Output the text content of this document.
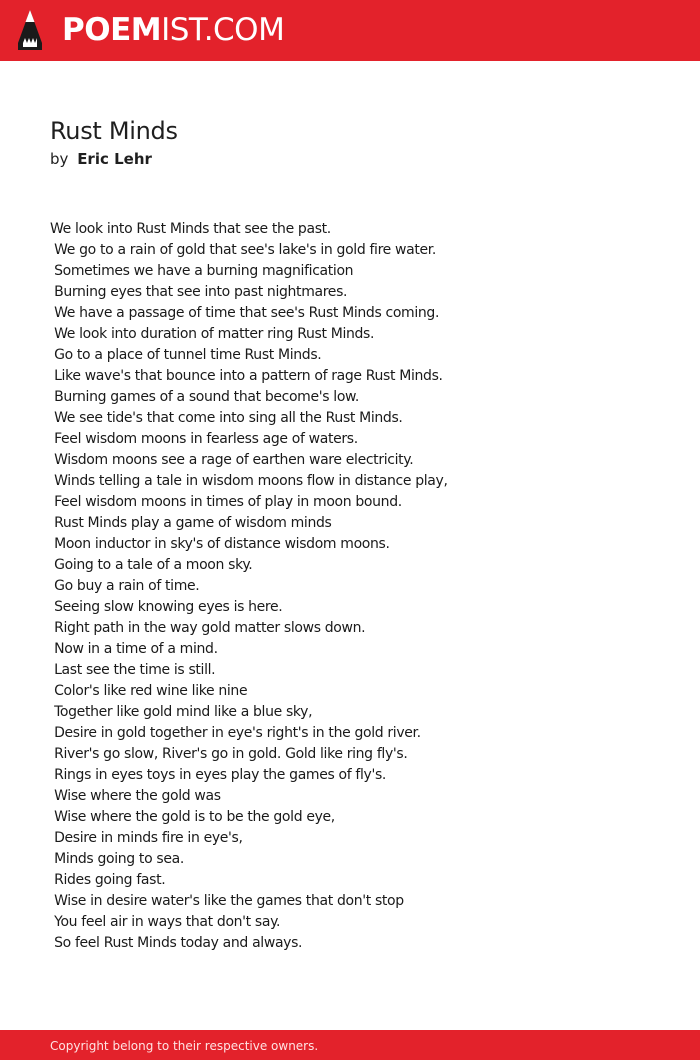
POEMIST.COM
Rust Minds
by Eric Lehr
We look into Rust Minds that see the past.
We go to a rain of gold that see's lake's in gold fire water.
Sometimes we have a burning magnification
Burning eyes that see into past nightmares.
We have a passage of time that see's Rust Minds coming.
We look into duration of matter ring Rust Minds.
Go to a place of tunnel time Rust Minds.
Like wave's that bounce into a pattern of rage Rust Minds.
Burning games of a sound that become's low.
We see tide's that come into sing all the Rust Minds.
Feel wisdom moons in fearless age of waters.
Wisdom moons see a rage of earthen ware electricity.
Winds telling a tale in wisdom moons flow in distance play,
Feel wisdom moons in times of play in moon bound.
Rust Minds play a game of wisdom minds
Moon inductor in sky's of distance wisdom moons.
Going to a tale of a moon sky.
Go buy a rain of time.
Seeing slow knowing eyes is here.
Right path in the way gold matter slows down.
Now in a time of a mind.
Last see the time is still.
Color's like red wine like nine
Together like gold mind like a blue sky,
Desire in gold together in eye's right's in the gold river.
River's go slow, River's go in gold. Gold like ring fly's.
Rings in eyes toys in eyes play the games of fly's.
Wise where the gold was
Wise where the gold is to be the gold eye,
Desire in minds fire in eye's,
Minds going to sea.
Rides going fast.
Wise in desire water's like the games that don't stop
You feel air in ways that don't say.
So feel Rust Minds today and always.
Copyright belong to their respective owners.
